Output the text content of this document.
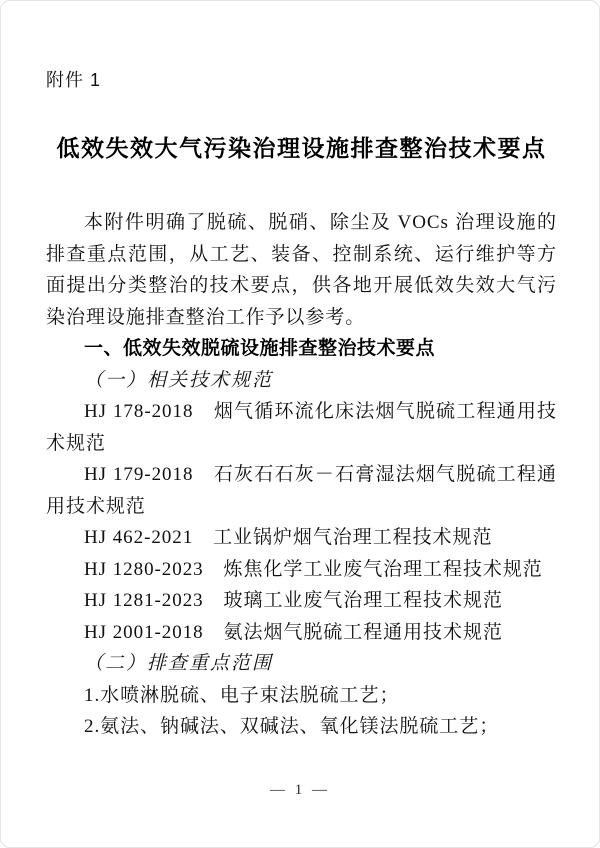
附件 1
低效失效大气污染治理设施排查整治技术要点

本附件明确了脱硫、脱硝、除尘及 VOCs 治理设施的排查重点范围，从工艺、装备、控制系统、运行维护等方面提出分类整治的技术要点，供各地开展低效失效大气污染治理设施排查整治工作予以参考。

一、低效失效脱硫设施排查整治技术要点
（一）相关技术规范

HJ 178-2018　烟气循环流化床法烟气脱硫工程通用技术规范

HJ 179-2018　石灰石石灰－石膏湿法烟气脱硫工程通用技术规范

HJ 462-2021　工业锅炉烟气治理工程技术规范

HJ 1280-2023　炼焦化学工业废气治理工程技术规范

HJ 1281-2023　玻璃工业废气治理工程技术规范

HJ 2001-2018　氨法烟气脱硫工程通用技术规范

（二）排查重点范围

1.水喷淋脱硫、电子束法脱硫工艺；

2.氨法、钠碱法、双碱法、氧化镁法脱硫工艺；

— 1 —
